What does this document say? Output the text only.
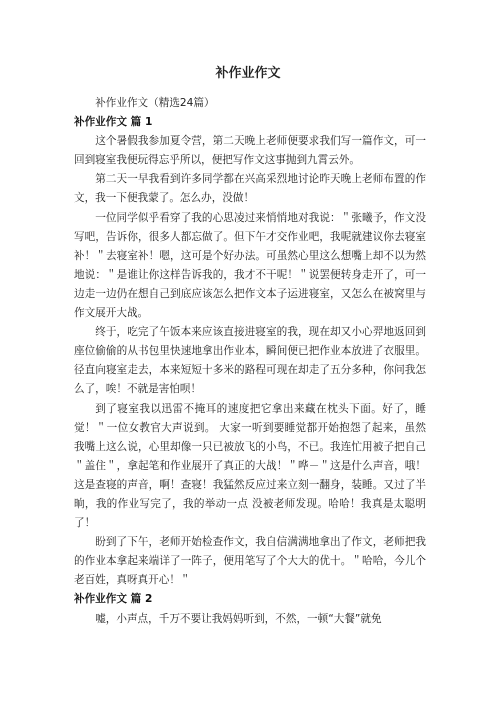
补作业作文

补作业作文（精选24篇）

补作业作文 篇 1

这个暑假我参加夏令营，第二天晚上老师便要求我们写一篇作文，可一回到寝室我便玩得忘乎所以，便把写作文这事抛到九霄云外。

第二天一早我看到许多同学都在兴高采烈地讨论昨天晚上老师布置的作文，我一下便我蒙了。怎么办，没做！

一位同学似乎看穿了我的心思凌过来悄悄地对我说：＂张曦予，作文没写吧，告诉你，很多人都忘做了。但下午才交作业吧，我呢就建议你去寝室补！＂去寝室补！嗯，这可是个好办法。可虽然心里这么想嘴上却不以为然地说：＂是谁让你这样告诉我的，我才不干呢！＂说罢便转身走开了，可一边走一边仍在想自己到底应该怎么把作文本子运进寝室，又怎么在被窝里与作文展开大战。

终于，吃完了午饭本来应该直接进寝室的我，现在却又小心羿地返回到座位偷偷的从书包里快速地拿出作业本，瞬间便已把作业本放进了衣服里。径直向寝室走去，本来短短十多米的路程可现在却走了五分多种，你问我怎么了，唉！不就是害怕呗！

到了寝室我以迅雷不掩耳的速度把它拿出来藏在枕头下面。好了，睡觉！＂一位女教官大声说到。 大家一听到要睡觉都开始抱怨了起来，虽然我嘴上这么说，心里却像一只已被放飞的小鸟，不已。我连忙用被子把自己＂盖住＂，拿起笔和作业展开了真正的大战！＂哗－＂这是什么声音，哦！这是查寝的声音，啊！查寝！我猛然反应过来立刻一翻身，装睡。又过了半晌，我的作业写完了，我的举动一点 没被老师发现。哈哈！我真是太聪明了！

盼到了下午，老师开始检查作文，我自信满满地拿出了作文，老师把我的作业本拿起来端详了一阵子，便用笔写了个大大的优十。＂哈哈，今儿个老百姓，真呀真开心！＂

补作业作文 篇 2

嘘，小声点，千万不要让我妈妈听到，不然，一顿“大餐”就免
